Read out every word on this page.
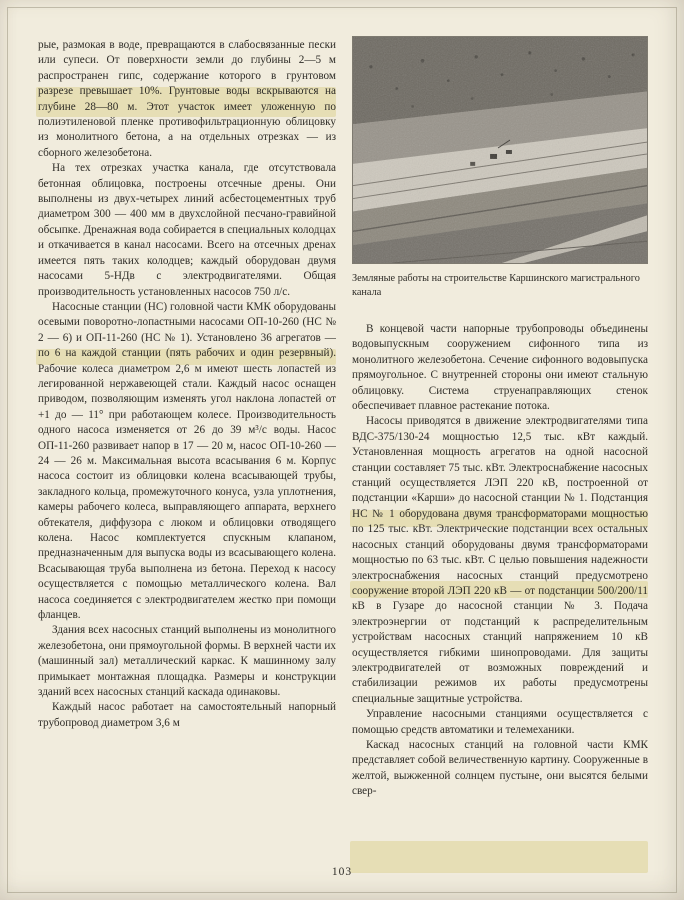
рые, размокая в воде, превращаются в слабосвязанные пески или супеси. От поверхности земли до глубины 2—5 м распространен гипс, содержание которого в грунтовом разрезе превышает 10%. Грунтовые воды вскрываются на глубине 28—80 м. Этот участок имеет уложенную по полиэтиленовой пленке противофильтрационную облицовку из монолитного бетона, а на отдельных отрезках — из сборного железобетона.

На тех отрезках участка канала, где отсутствовала бетонная облицовка, построены отсечные дрены. Они выполнены из двух-четырех линий асбестоцементных труб диаметром 300 — 400 мм в двухслойной песчано-гравийной обсыпке. Дренажная вода собирается в специальных колодцах и откачивается в канал насосами. Всего на отсечных дренах имеется пять таких колодцев; каждый оборудован двумя насосами 5-НДв с электродвигателями. Общая производительность установленных насосов 750 л/с.

Насосные станции (НС) головной части КМК оборудованы осевыми поворотно-лопастными насосами ОП-10-260 (НС № 2 — 6) и ОП-11-260 (НС № 1). Установлено 36 агрегатов — по 6 на каждой станции (пять рабочих и один резервный). Рабочие колеса диаметром 2,6 м имеют шесть лопастей из легированной нержавеющей стали. Каждый насос оснащен приводом, позволяющим изменять угол наклона лопастей от +1 до — 11° при работающем колесе. Производительность одного насоса изменяется от 26 до 39 м³/с воды. Насос ОП-11-260 развивает напор в 17 — 20 м, насос ОП-10-260 — 24 — 26 м. Максимальная высота всасывания 6 м. Корпус насоса состоит из облицовки колена всасывающей трубы, закладного кольца, промежуточного конуса, узла уплотнения, камеры рабочего колеса, выправляющего аппарата, верхнего обтекателя, диффузора с люком и облицовки отводящего колена. Насос комплектуется спускным клапаном, предназначенным для выпуска воды из всасывающего колена. Всасывающая труба выполнена из бетона. Переход к насосу осуществляется с помощью металлического колена. Вал насоса соединяется с электродвигателем жестко при помощи фланцев.

Здания всех насосных станций выполнены из монолитного железобетона, они прямоугольной формы. В верхней части их (машинный зал) металлический каркас. К машинному залу примыкает монтажная площадка. Размеры и конструкции зданий всех насосных станций каскада одинаковы.

Каждый насос работает на самостоятельный напорный трубопровод диаметром 3,6 м

Земляные работы на строительстве Каршинского магистрального канала

В концевой части напорные трубопроводы объединены водовыпускным сооружением сифонного типа из монолитного железобетона. Сечение сифонного водовыпуска прямоугольное. С внутренней стороны они имеют стальную облицовку. Система струенаправляющих стенок обеспечивает плавное растекание потока.

Насосы приводятся в движение электродвигателями типа ВДС-375/130-24 мощностью 12,5 тыс. кВт каждый. Установленная мощность агрегатов на одной насосной станции составляет 75 тыс. кВт. Электроснабжение насосных станций осуществляется ЛЭП 220 кВ, построенной от подстанции «Карши» до насосной станции № 1. Подстанция НС № 1 оборудована двумя трансформаторами мощностью по 125 тыс. кВт. Электрические подстанции всех остальных насосных станций оборудованы двумя трансформаторами мощностью по 63 тыс. кВт. С целью повышения надежности электроснабжения насосных станций предусмотрено сооружение второй ЛЭП 220 кВ — от подстанции 500/200/11 кВ в Гузаре до насосной станции № 3. Подача электроэнергии от подстанций к распределительным устройствам насосных станций напряжением 10 кВ осуществляется гибкими шинопроводами. Для защиты электродвигателей от возможных повреждений и стабилизации режимов их работы предусмотрены специальные защитные устройства.

Управление насосными станциями осуществляется с помощью средств автоматики и телемеханики.

Каскад насосных станций на головной части КМК представляет собой величественную картину. Сооруженные в желтой, выжженной солнцем пустыне, они высятся белыми свер-

103
